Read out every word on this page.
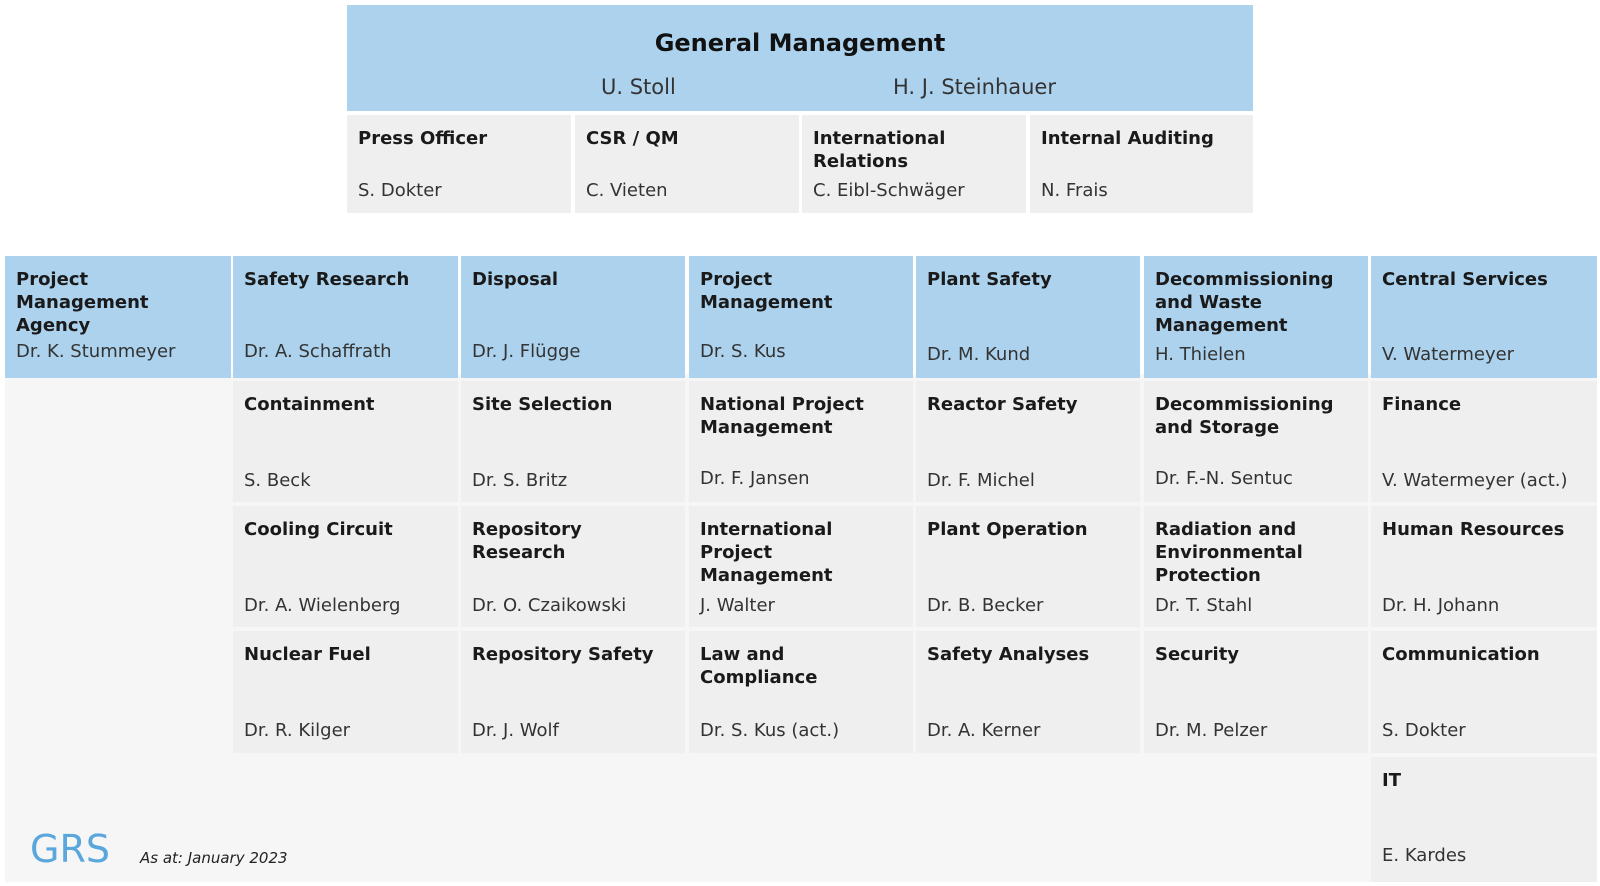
General Management
U. Stoll	H. J. Steinhauer
Press Officer
S. Dokter
CSR / QM
C. Vieten
International Relations
C. Eibl-Schwäger
Internal Auditing
N. Frais
Project Management Agency
Dr. K. Stummeyer
Safety Research
Dr. A. Schaffrath
Disposal
Dr. J. Flügge
Project Management
Dr. S. Kus
Plant Safety
Dr. M. Kund
Decommissioning and Waste Management
H. Thielen
Central Services
V. Watermeyer
Containment
S. Beck
Cooling Circuit
Dr. A. Wielenberg
Nuclear Fuel
Dr. R. Kilger
Site Selection
Dr. S. Britz
Repository Research
Dr. O. Czaikowski
Repository Safety
Dr. J. Wolf
National Project Management
Dr. F. Jansen
International Project Management
J. Walter
Law and Compliance
Dr. S. Kus (act.)
Reactor Safety
Dr. F. Michel
Plant Operation
Dr. B. Becker
Safety Analyses
Dr. A. Kerner
Decommissioning and Storage
Dr. F.-N. Sentuc
Radiation and Environmental Protection
Dr. T. Stahl
Security
Dr. M. Pelzer
Finance
V. Watermeyer (act.)
Human Resources
Dr. H. Johann
Communication
S. Dokter
IT
E. Kardes
GRS As at: January 2023
